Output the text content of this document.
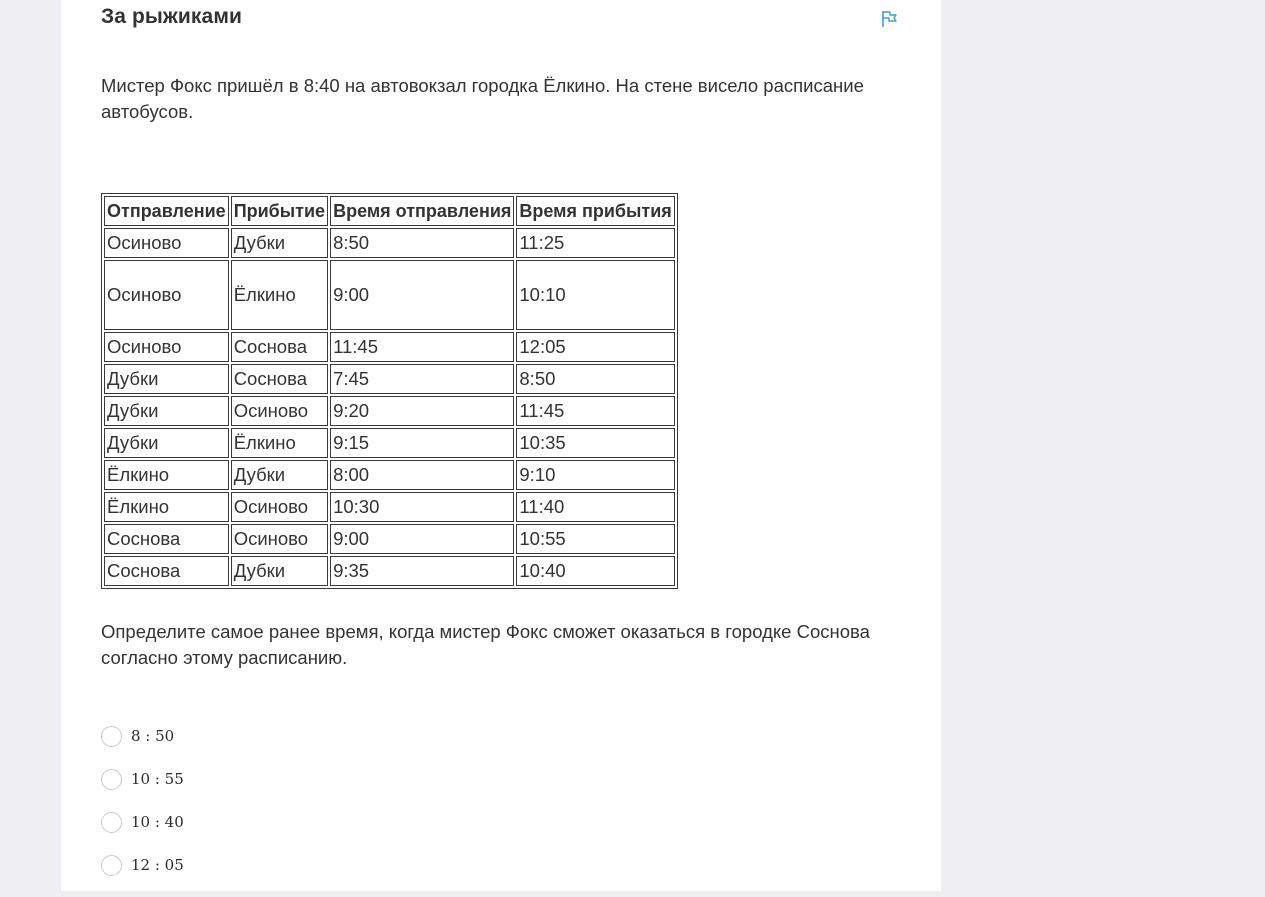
За рыжиками

Мистер Фокс пришёл в 8:40 на автовокзал городка Ёлкино. На стене висело расписание автобусов.

Отправление	Прибытие	Время отправления	Время прибытия
Осиново	Дубки	8:50	11:25
Осиново	Ёлкино	9:00	10:10
Осиново	Соснова	11:45	12:05
Дубки	Соснова	7:45	8:50
Дубки	Осиново	9:20	11:45
Дубки	Ёлкино	9:15	10:35
Ёлкино	Дубки	8:00	9:10
Ёлкино	Осиново	10:30	11:40
Соснова	Осиново	9:00	10:55
Соснова	Дубки	9:35	10:40

Определите самое ранее время, когда мистер Фокс сможет оказаться в городке Соснова согласно этому расписанию.

8 : 50
10 : 55
10 : 40
12 : 05
